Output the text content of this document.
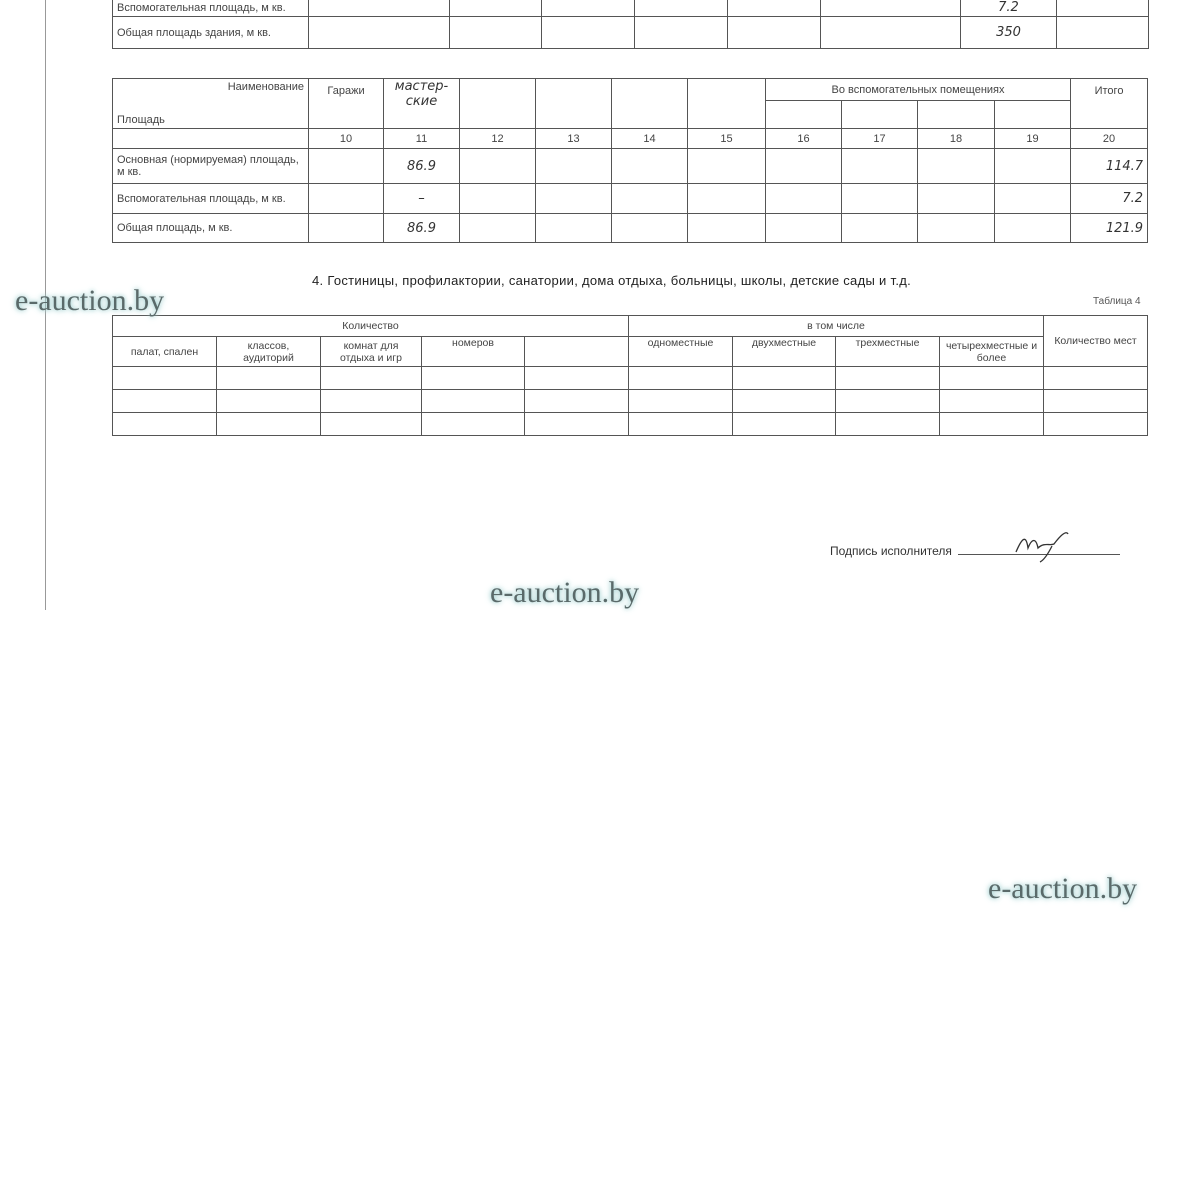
Вспомогательная площадь, м кв.							7.2	
Общая площадь здания, м кв.							350	
Наименование
Площадь	Гаражи	мастер-ские					Во вспомогательных помещениях				Итого

	10	11	12	13	14	15	16	17	18	19	20
Основная (нормируемая) площадь, м кв.		86.9									114.7
Вспомогательная площадь, м кв.		–									7.2
Общая площадь, м кв.		86.9									121.9
4. Гостиницы, профилактории, санатории, дома отдыха, больницы, школы, детские сады и т.д.
Таблица 4
Количество					в том числе				Количество мест
палат, спален	классов, аудиторий	комнат для отдыха и игр	номеров		одноместные	двухместные	трехместные	четырехместные и более	

Подпись исполнителя
e-auction.by
e-auction.by
e-auction.by
